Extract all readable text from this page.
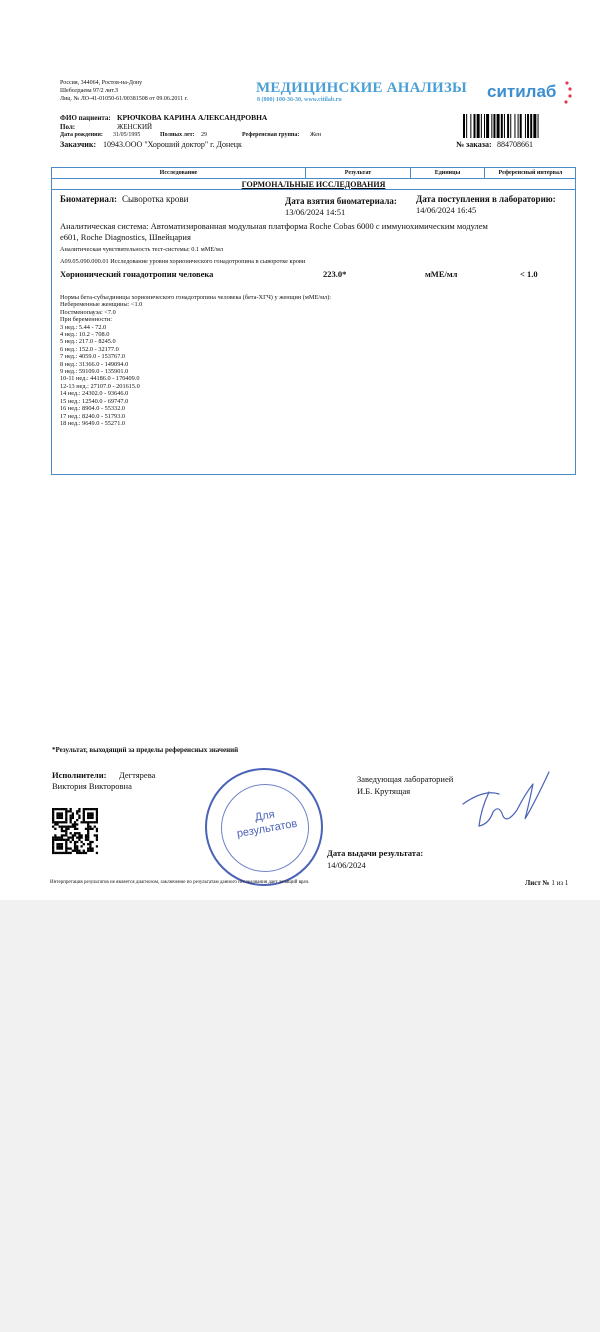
Россия, 344064, Ростов-на-Дону
Шеболдаева 97/2 лит.З
Лиц. № ЛО-41-01050-61/00381508 от 09.06.2011 г.
МЕДИЦИНСКИЕ АНАЛИЗЫ
8 (800) 100-36-30, www.citilab.ru	ситилаб
ФИО пациента: КРЮЧКОВА КАРИНА АЛЕКСАНДРОВНА
Пол:	ЖЕНСКИЙ
Дата рождения: 31/05/1995	Полных лет: 29	Референсная группа: Жен
Заказчик: 10943.ООО "Хороший доктор" г. Донецк	№ заказа: 884708661
Исследование	Результат	Единицы	Референсный интервал
ГОРМОНАЛЬНЫЕ ИССЛЕДОВАНИЯ
Биоматериал: Сыворотка крови	Дата взятия биоматериала:
13/06/2024 14:51
Дата поступления в лабораторию:
14/06/2024 16:45
Аналитическая система: Автоматизированная модульная платформа Roche Cobas 6000 с иммунохимическим модулем
e601, Roche Diagnostics, Швейцария
Аналитическая чувствительность тест-системы: 0.1 мМЕ/мл
A09.05.090.000.01 Исследование уровня хорионического гонадотропина в сыворотке крови
Хорионический гонадотропин человека	223.0*	мМЕ/мл	< 1.0
Нормы бета-субъединицы хорионического гонадотропина человека (бета-ХГЧ) у женщин (мМЕ/мл):
Небеременные женщины: <1.0
Постменопауза: <7.0
При беременности:
3 нед.: 5.44 - 72.0
4 нед.: 10.2 - 708.0
5 нед.: 217.0 - 8245.0
6 нед.: 152.0 - 32177.0
7 нед.: 4059.0 - 153767.0
8 нед.: 31366.0 - 149094.0
9 нед.: 59109.0 - 135901.0
10-11 нед.: 44186.0 - 170409.0
12-13 нед.: 27107.0 - 201615.0
14 нед.: 24302.0 - 93646.0
15 нед.: 12540.0 - 69747.0
16 нед.: 8904.0 - 55332.0
17 нед.: 8240.0 - 51793.0
18 нед.: 9649.0 - 55271.0
*Результат, выходящий за пределы референсных значений
Исполнители: Дегтярева
Виктория Викторовна
Для результатов
Заведующая лабораторией
И.Б. Крутящая
Дата выдачи результата:
14/06/2024
Интерпретация результатов не является диагнозом, заключение по результатам данного исследования дает лечащий врач.	Лист № 1 из 1
